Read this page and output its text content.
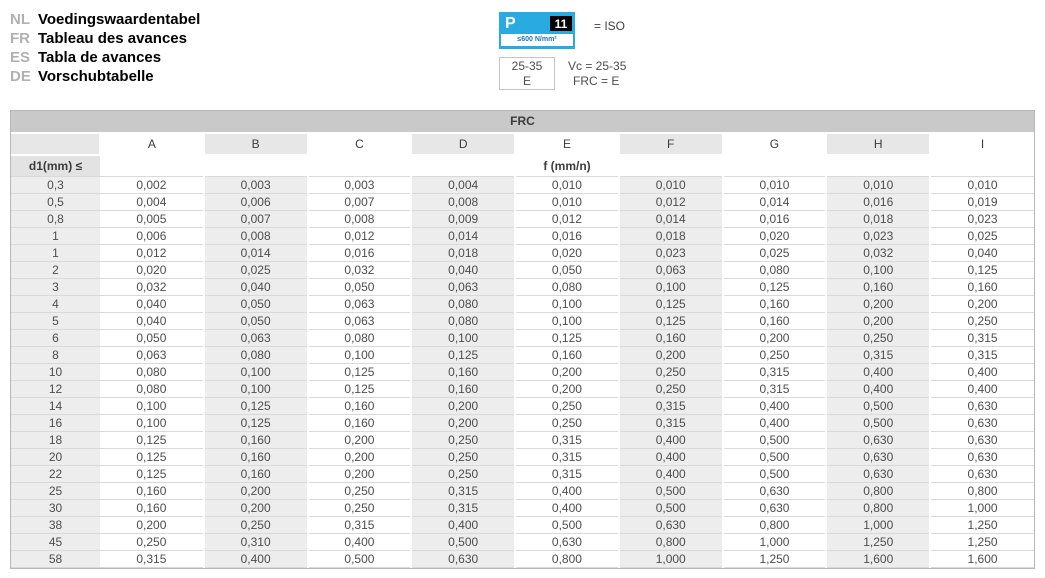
NL Voedingswaardentabel
FR Tableau des avances
ES Tabla de avances
DE Vorschubtabelle
P	11
≤600 N/mm²
= ISO
25-35
E
Vc = 25-35
FRC = E
FRC
	A	B	C	D	E	F	G	H	I
d1(mm) ≤	f (mm/n)								
0,3	0,002	0,003	0,003	0,004	0,010	0,010	0,010	0,010	0,010
0,5	0,004	0,006	0,007	0,008	0,010	0,012	0,014	0,016	0,019
0,8	0,005	0,007	0,008	0,009	0,012	0,014	0,016	0,018	0,023
1	0,006	0,008	0,012	0,014	0,016	0,018	0,020	0,023	0,025
1	0,012	0,014	0,016	0,018	0,020	0,023	0,025	0,032	0,040
2	0,020	0,025	0,032	0,040	0,050	0,063	0,080	0,100	0,125
3	0,032	0,040	0,050	0,063	0,080	0,100	0,125	0,160	0,160
4	0,040	0,050	0,063	0,080	0,100	0,125	0,160	0,200	0,200
5	0,040	0,050	0,063	0,080	0,100	0,125	0,160	0,200	0,250
6	0,050	0,063	0,080	0,100	0,125	0,160	0,200	0,250	0,315
8	0,063	0,080	0,100	0,125	0,160	0,200	0,250	0,315	0,315
10	0,080	0,100	0,125	0,160	0,200	0,250	0,315	0,400	0,400
12	0,080	0,100	0,125	0,160	0,200	0,250	0,315	0,400	0,400
14	0,100	0,125	0,160	0,200	0,250	0,315	0,400	0,500	0,630
16	0,100	0,125	0,160	0,200	0,250	0,315	0,400	0,500	0,630
18	0,125	0,160	0,200	0,250	0,315	0,400	0,500	0,630	0,630
20	0,125	0,160	0,200	0,250	0,315	0,400	0,500	0,630	0,630
22	0,125	0,160	0,200	0,250	0,315	0,400	0,500	0,630	0,630
25	0,160	0,200	0,250	0,315	0,400	0,500	0,630	0,800	0,800
30	0,160	0,200	0,250	0,315	0,400	0,500	0,630	0,800	1,000
38	0,200	0,250	0,315	0,400	0,500	0,630	0,800	1,000	1,250
45	0,250	0,310	0,400	0,500	0,630	0,800	1,000	1,250	1,250
58	0,315	0,400	0,500	0,630	0,800	1,000	1,250	1,600	1,600
